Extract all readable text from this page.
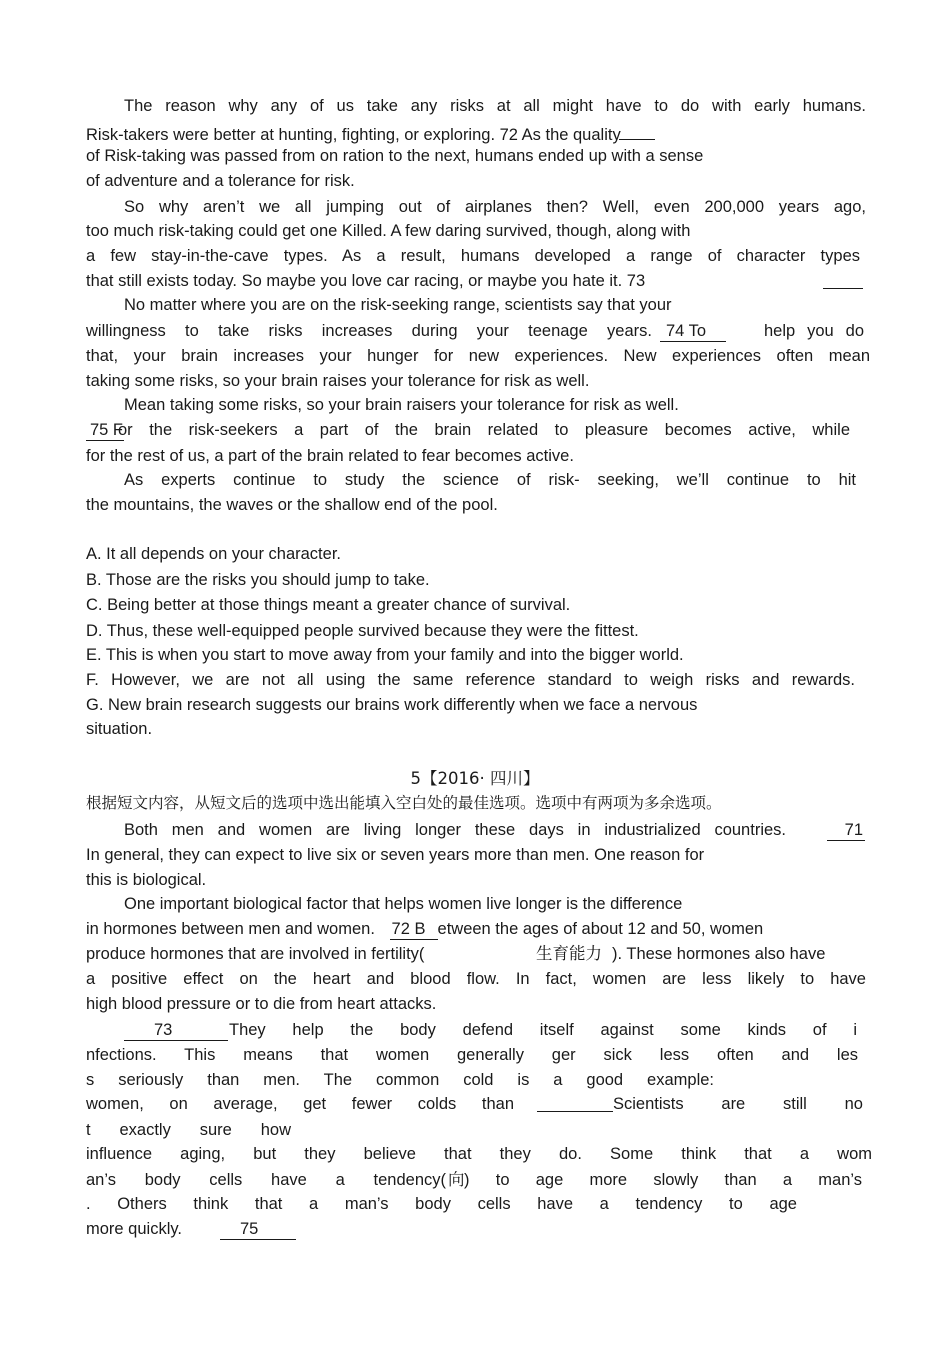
The reason why any of us take any risks at all might have to do with early humans.
Risk-takers were better at hunting, fighting, or exploring. 72 As the quality
of Risk-taking was passed from on ration to the next, humans ended up with a sense
of adventure and a tolerance for risk.
So why aren’t we all jumping out of airplanes then? Well, even 200,000 years ago,
too much risk-taking could get one Killed. A few daring survived, though, along with
a few stay-in-the-cave types. As a result, humans developed a range of character types
that still exists today. So maybe you love car racing, or maybe you hate it. 73
No matter where you are on the risk-seeking range, scientists say that your
willingness to take risks increases during your teenage years. 74 To	help you do
that, your brain increases your hunger for new experiences. New experiences often mean
taking some risks, so your brain raises your tolerance for risk as well.
Mean taking some risks, so your brain raisers your tolerance for risk as well.
75 F
or the risk-seekers a part of the brain related to pleasure becomes active, while
for the rest of us, a part of the brain related to fear becomes active.
As experts continue to study the science of risk- seeking, we’ll continue to hit
the mountains, the waves or the shallow end of the pool.
A. It all depends on your character.
B. Those are the risks you should jump to take.
C. Being better at those things meant a greater chance of survival.
D. Thus, these well-equipped people survived because they were the fittest.
E. This is when you start to move away from your family and into the bigger world.
F. However, we are not all using the same reference standard to weigh risks and rewards.
G. New brain research suggests our brains work differently when we face a nervous
situation.
5【2016· 四川】
根据短文内容，从短文后的选项中选出能填入空白处的最佳选项。选项中有两项为多余选项。
Both men and women are living longer these days in industrialized countries.	71
In general, they can expect to live six or seven years more than men. One reason for
this is biological.
One important biological factor that helps women live longer is the difference
in hormones between men and women. 72 B etween the ages of about 12 and 50, women
produce hormones that are involved in fertility(	生育能力 ). These hormones also have
a positive effect on the heart and blood flow. In fact, women are less likely to have
high blood pressure or to die from heart attacks.
73	They help the body defend itself against some kinds of i
nfections. This means that women generally ger sick less often and les
s seriously than men. The common cold is a good example:
women, on average, get fewer colds than	Scientists are still no
t exactly sure how
influence aging, but they believe that they do. Some think that a wom
an’s body cells have a tendency( 向 ) to age more slowly than a man’s
. Others think that a man’s body cells have a tendency to age
more quickly.	75
